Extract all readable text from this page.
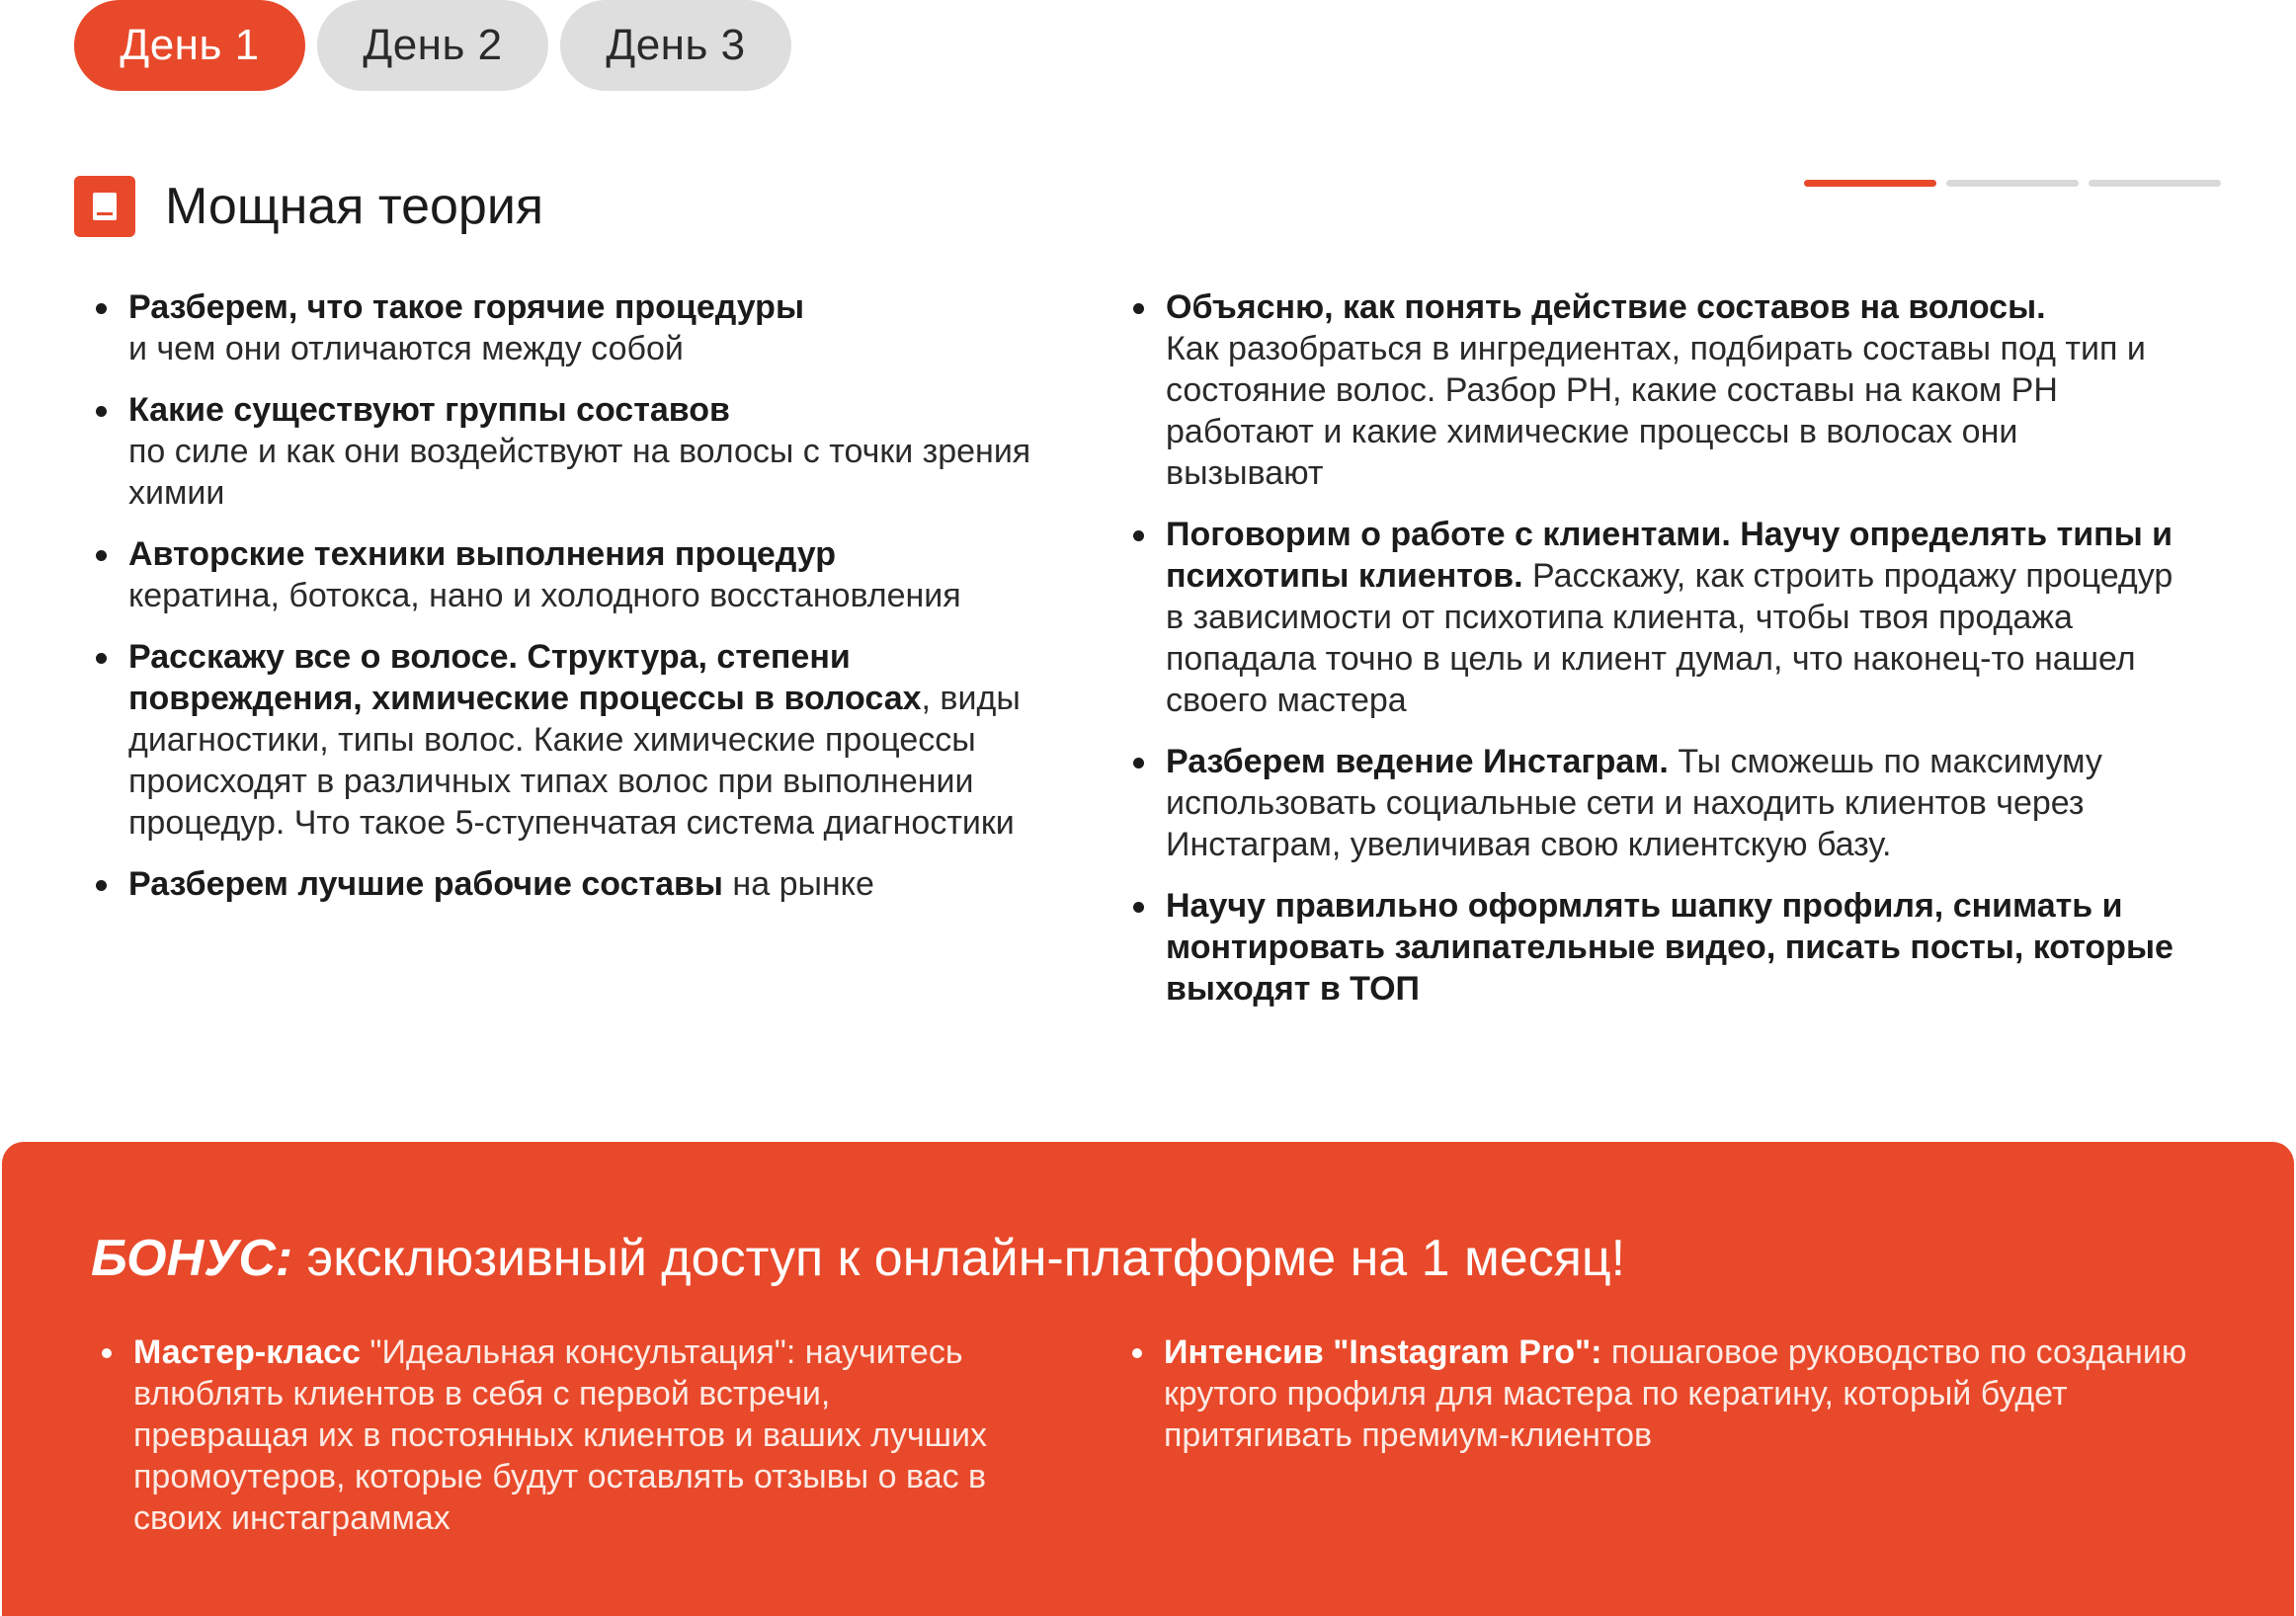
День 1	День 2	День 3
Мощная теория
Разберем, что такое горячие процедуры
и чем они отличаются между собой
Какие существуют группы составов
по силе и как они воздействуют на волосы с точки зрения химии
Авторские техники выполнения процедур
кератина, ботокса, нано и холодного восстановления
Расскажу все о волосе. Структура, степени повреждения, химические процессы в волосах, виды диагностики, типы волос. Какие химические процессы происходят в различных типах волос при выполнении процедур. Что такое 5-ступенчатая система диагностики
Разберем лучшие рабочие составы на рынке
Объясню, как понять действие составов на волосы.
Как разобраться в ингредиентах, подбирать составы под тип и состояние волос. Разбор PH, какие составы на каком PH работают и какие химические процессы в волосах они вызывают
Поговорим о работе с клиентами. Научу определять типы и психотипы клиентов. Расскажу, как строить продажу процедур в зависимости от психотипа клиента, чтобы твоя продажа попадала точно в цель и клиент думал, что наконец-то нашел своего мастера
Разберем ведение Инстаграм. Ты сможешь по максимуму использовать социальные сети и находить клиентов через Инстаграм, увеличивая свою клиентскую базу.
Научу правильно оформлять шапку профиля, снимать и монтировать залипательные видео, писать посты, которые выходят в ТОП
БОНУС: эксклюзивный доступ к онлайн-платформе на 1 месяц!
Мастер-класс "Идеальная консультация": научитесь влюблять клиентов в себя с первой встречи, превращая их в постоянных клиентов и ваших лучших промоутеров, которые будут оставлять отзывы о вас в своих инстаграммах
Интенсив "Instagram Pro": пошаговое руководство по созданию крутого профиля для мастера по кератину, который будет притягивать премиум-клиентов
